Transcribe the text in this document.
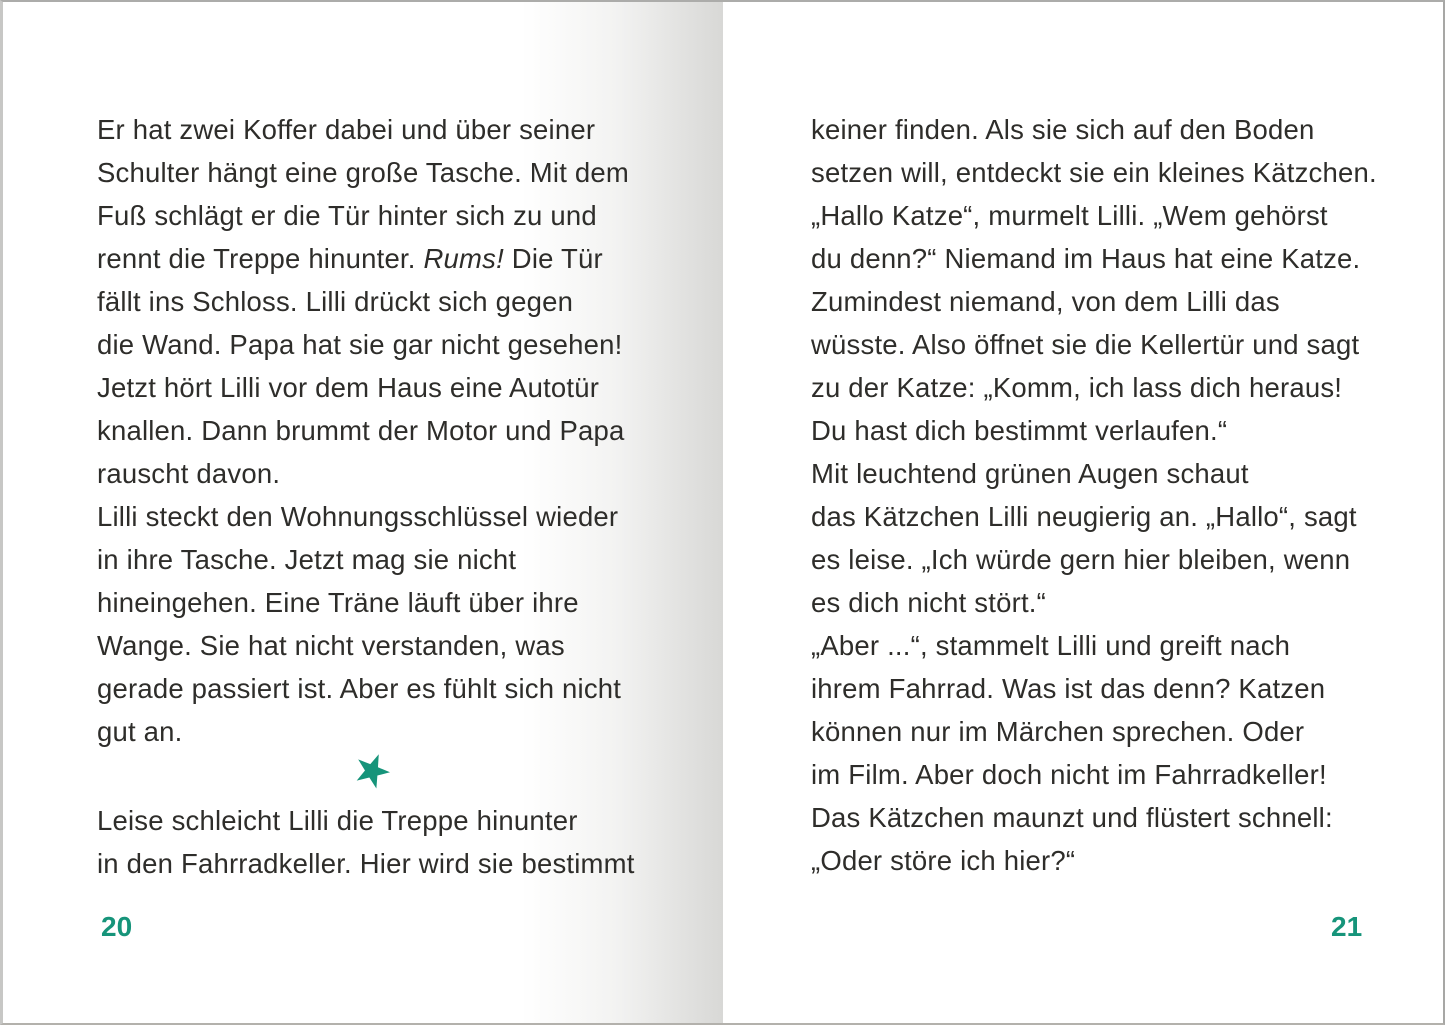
Er hat zwei Koffer dabei und über seiner

Schulter hängt eine große Tasche. Mit dem

Fuß schlägt er die Tür hinter sich zu und

rennt die Treppe hinunter. Rums! Die Tür

fällt ins Schloss. Lilli drückt sich gegen

die Wand. Papa hat sie gar nicht gesehen!

Jetzt hört Lilli vor dem Haus eine Autotür

knallen. Dann brummt der Motor und Papa

rauscht davon.

Lilli steckt den Wohnungsschlüssel wieder

in ihre Tasche. Jetzt mag sie nicht

hineingehen. Eine Träne läuft über ihre

Wange. Sie hat nicht verstanden, was

gerade passiert ist. Aber es fühlt sich nicht

gut an.

Leise schleicht Lilli die Treppe hinunter

in den Fahrradkeller. Hier wird sie bestimmt

20

keiner finden. Als sie sich auf den Boden

setzen will, entdeckt sie ein kleines Kätzchen.

„Hallo Katze“, murmelt Lilli. „Wem gehörst

du denn?“ Niemand im Haus hat eine Katze.

Zumindest niemand, von dem Lilli das

wüsste. Also öffnet sie die Kellertür und sagt

zu der Katze: „Komm, ich lass dich heraus!

Du hast dich bestimmt verlaufen.“

Mit leuchtend grünen Augen schaut

das Kätzchen Lilli neugierig an. „Hallo“, sagt

es leise. „Ich würde gern hier bleiben, wenn

es dich nicht stört.“

„Aber ...“, stammelt Lilli und greift nach

ihrem Fahrrad. Was ist das denn? Katzen

können nur im Märchen sprechen. Oder

im Film. Aber doch nicht im Fahrradkeller!

Das Kätzchen maunzt und flüstert schnell:

„Oder störe ich hier?“

21
